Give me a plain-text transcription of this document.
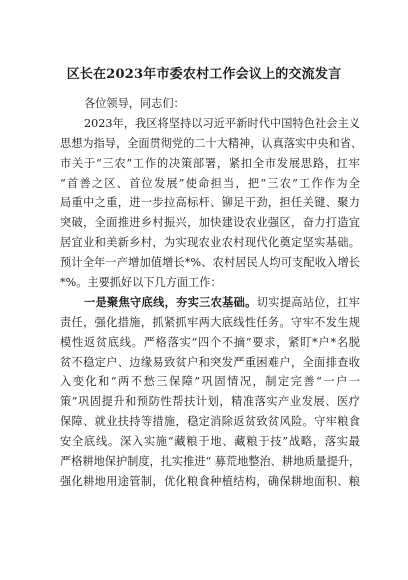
区长在2023年市委农村工作会议上的交流发言
各位领导，同志们：
2023年，我区将坚持以习近平新时代中国特色社会主义
思想为指导，全面贯彻党的二十大精神，认真落实中央和省、
市关于“三农”工作的决策部署，紧扣全市发展思路，扛牢
“首善之区、首位发展”使命担当，把“三农”工作作为全
局重中之重，进一步拉高标杆、铆足干劲，担任关键、聚力
突破，全面推进乡村振兴，加快建设农业强区，奋力打造宜
居宜业和美新乡村，为实现农业农村现代化奠定坚实基础。
预计全年一产增加值增长*%、农村居民人均可支配收入增长
*%。主要抓好以下几方面工作：
一是聚焦守底线，夯实三农基础。切实提高站位，扛牢
责任，强化措施，抓紧抓牢两大底线性任务。守牢不发生规
模性返贫底线。严格落实“四个不摘”要求，紧盯*户*名脱
贫不稳定户、边缘易致贫户和突发严重困难户，全面排查收
入变化和“两不愁三保障”巩固情况，制定完善“一户一
策”巩固提升和预防性帮扶计划，精准落实产业发展、医疗
保障、就业扶持等措施，稳定消除返贫致贫风险。守牢粮食
安全底线。深入实施“藏粮于地、藏粮于技”战略，落实最
严格耕地保护制度，扎实推进“ 募荒地整治、耕地质量提升，
强化耕地用途管制，优化粮食种植结构，确保耕地面积、粮
